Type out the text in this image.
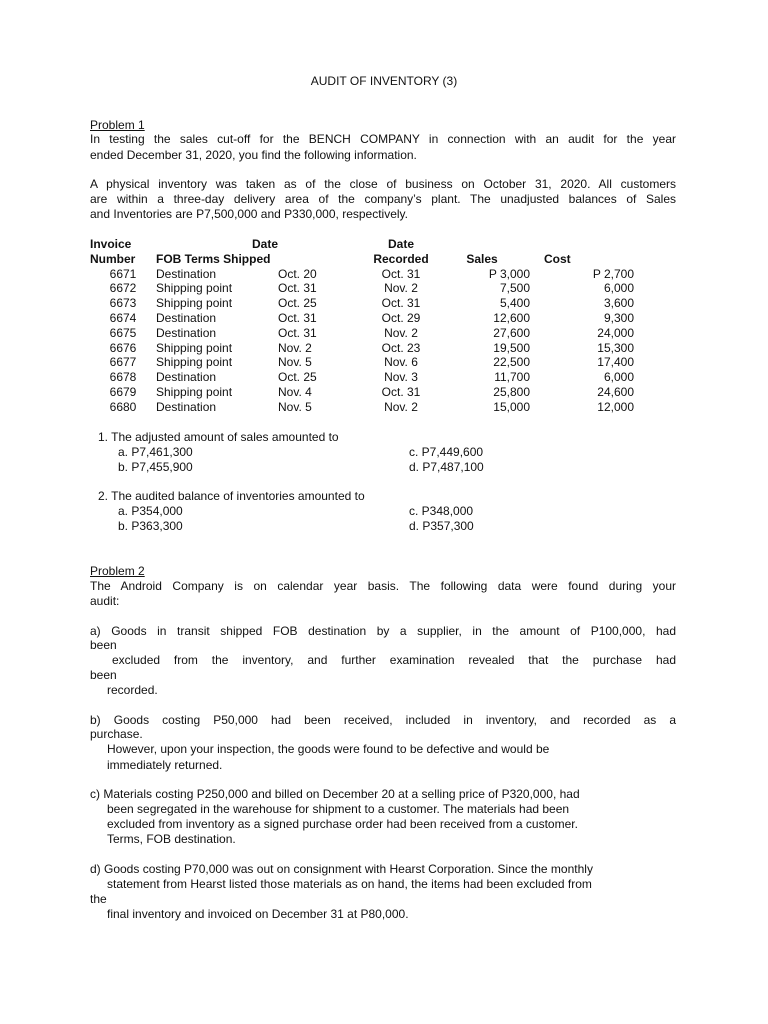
AUDIT OF INVENTORY (3)
Problem 1
In testing the sales cut-off for the BENCH COMPANY in connection with an audit for the year
ended December 31, 2020, you find the following information.
A physical inventory was taken as of the close of business on October 31, 2020. All customers
are within a three-day delivery area of the company’s plant. The unadjusted balances of Sales
and Inventories are P7,500,000 and P330,000, respectively.
Invoice	Date		Date		
Number	FOB Terms Shipped		Recorded	Sales	Cost
6671	Destination	Oct. 20	Oct. 31	P 3,000	P 2,700
6672	Shipping point	Oct. 31	Nov. 2	7,500	6,000
6673	Shipping point	Oct. 25	Oct. 31	5,400	3,600
6674	Destination	Oct. 31	Oct. 29	12,600	9,300
6675	Destination	Oct. 31	Nov. 2	27,600	24,000
6676	Shipping point	Nov. 2	Oct. 23	19,500	15,300
6677	Shipping point	Nov. 5	Nov. 6	22,500	17,400
6678	Destination	Oct. 25	Nov. 3	11,700	6,000
6679	Shipping point	Nov. 4	Oct. 31	25,800	24,600
6680	Destination	Nov. 5	Nov. 2	15,000	12,000
1. The adjusted amount of sales amounted to
a. P7,461,300	c. P7,449,600
b. P7,455,900	d. P7,487,100
2. The audited balance of inventories amounted to
a. P354,000	c. P348,000
b. P363,300	d. P357,300
Problem 2
The Android Company is on calendar year basis. The following data were found during your
audit:
a) Goods in transit shipped FOB destination by a supplier, in the amount of P100,000, had
been
excluded from the inventory, and further examination revealed that the purchase had
been
recorded.
b) Goods costing P50,000 had been received, included in inventory, and recorded as a
purchase.
However, upon your inspection, the goods were found to be defective and would be
immediately returned.
c) Materials costing P250,000 and billed on December 20 at a selling price of P320,000, had
been segregated in the warehouse for shipment to a customer. The materials had been
excluded from inventory as a signed purchase order had been received from a customer.
Terms, FOB destination.
d) Goods costing P70,000 was out on consignment with Hearst Corporation. Since the monthly
statement from Hearst listed those materials as on hand, the items had been excluded from
the
final inventory and invoiced on December 31 at P80,000.
